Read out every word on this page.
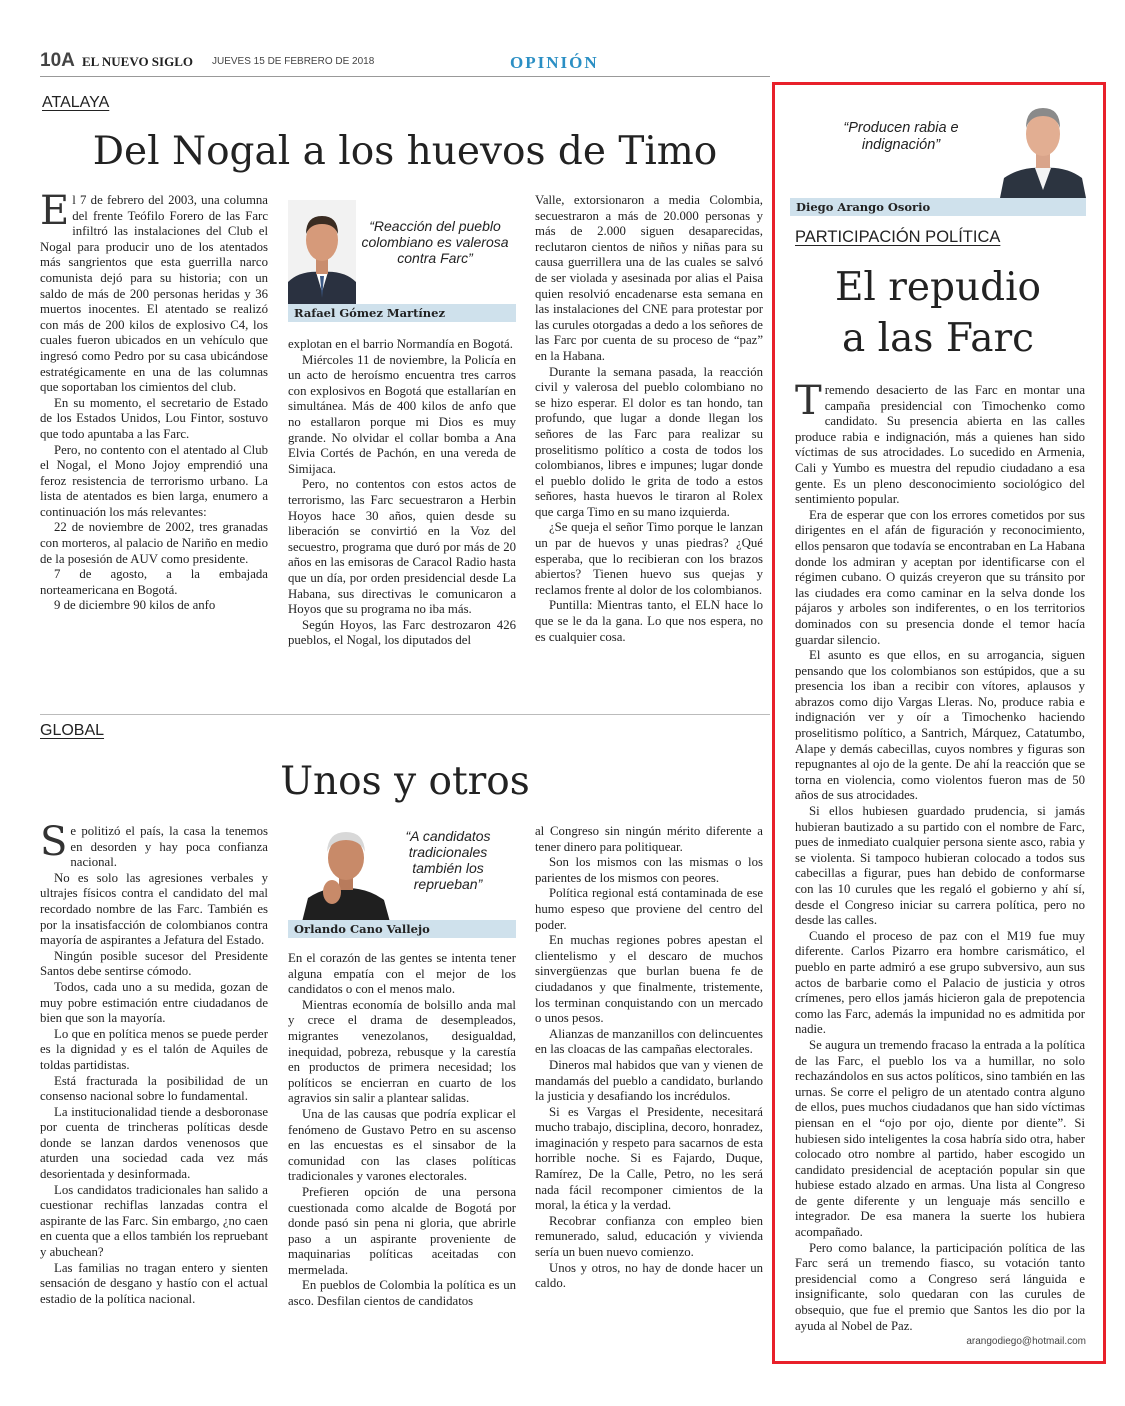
10A EL NUEVO SIGLO JUEVES 15 DE FEBRERO DE 2018	OPINIÓN
ATALAYA
Del Nogal a los huevos de Timo

El 7 de febrero del 2003, una columna del frente Teófilo Forero de las Farc infiltró las instalaciones del Club el Nogal para producir uno de los atentados más sangrientos que esta guerrilla narco comunista dejó para su historia; con un saldo de más de 200 personas heridas y 36 muertos inocentes. El atentado se realizó con más de 200 kilos de explosivo C4, los cuales fueron ubicados en un vehículo que ingresó como Pedro por su casa ubicándose estratégicamente en una de las columnas que soportaban los cimientos del club.

En su momento, el secretario de Estado de los Estados Unidos, Lou Fintor, sostuvo que todo apuntaba a las Farc.

Pero, no contento con el atentado al Club el Nogal, el Mono Jojoy emprendió una feroz resistencia de terrorismo urbano. La lista de atentados es bien larga, enumero a continuación los más relevantes:

22 de noviembre de 2002, tres granadas con morteros, al palacio de Nariño en medio de la posesión de AUV como presidente.

7 de agosto, a la embajada norteamericana en Bogotá.

9 de diciembre 90 kilos de anfo

“Reacción del pueblo colombiano es valerosa contra Farc”
Rafael Gómez Martínez

explotan en el barrio Normandía en Bogotá.

Miércoles 11 de noviembre, la Policía en un acto de heroísmo encuentra tres carros con explosivos en Bogotá que estallarían en simultánea. Más de 400 kilos de anfo que no estallaron porque mi Dios es muy grande. No olvidar el collar bomba a Ana Elvia Cortés de Pachón, en una vereda de Simijaca.

Pero, no contentos con estos actos de terrorismo, las Farc secuestraron a Herbin Hoyos hace 30 años, quien desde su liberación se convirtió en la Voz del secuestro, programa que duró por más de 20 años en las emisoras de Caracol Radio hasta que un día, por orden presidencial desde La Habana, sus directivas le comunicaron a Hoyos que su programa no iba más.

Según Hoyos, las Farc destrozaron 426 pueblos, el Nogal, los diputados del

Valle, extorsionaron a media Colombia, secuestraron a más de 20.000 personas y más de 2.000 siguen desaparecidas, reclutaron cientos de niños y niñas para su causa guerrillera una de las cuales se salvó de ser violada y asesinada por alias el Paisa quien resolvió encadenarse esta semana en las instalaciones del CNE para protestar por las curules otorgadas a dedo a los señores de las Farc por cuenta de su proceso de “paz” en la Habana.

Durante la semana pasada, la reacción civil y valerosa del pueblo colombiano no se hizo esperar. El dolor es tan hondo, tan profundo, que lugar a donde llegan los señores de las Farc para realizar su proselitismo político a costa de todos los colombianos, libres e impunes; lugar donde el pueblo dolido le grita de todo a estos señores, hasta huevos le tiraron al Rolex que carga Timo en su mano izquierda.

¿Se queja el señor Timo porque le lanzan un par de huevos y unas piedras? ¿Qué esperaba, que lo recibieran con los brazos abiertos? Tienen huevo sus quejas y reclamos frente al dolor de los colombianos.

Puntilla: Mientras tanto, el ELN hace lo que se le da la gana. Lo que nos espera, no es cualquier cosa.

GLOBAL
Unos y otros

Se politizó el país, la casa la tenemos en desorden y hay poca confianza nacional.

No es solo las agresiones verbales y ultrajes físicos contra el candidato del mal recordado nombre de las Farc. También es por la insatisfacción de colombianos contra mayoría de aspirantes a Jefatura del Estado.

Ningún posible sucesor del Presidente Santos debe sentirse cómodo.

Todos, cada uno a su medida, gozan de muy pobre estimación entre ciudadanos de bien que son la mayoría.

Lo que en política menos se puede perder es la dignidad y es el talón de Aquiles de toldas partidistas.

Está fracturada la posibilidad de un consenso nacional sobre lo fundamental.

La institucionalidad tiende a desboronase por cuenta de trincheras políticas desde donde se lanzan dardos venenosos que aturden una sociedad cada vez más desorientada y desinformada.

Los candidatos tradicionales han salido a cuestionar rechiflas lanzadas contra el aspirante de las Farc. Sin embargo, ¿no caen en cuenta que a ellos también los repruebant y abuchean?

Las familias no tragan entero y sienten sensación de desgano y hastío con el actual estadio de la política nacional.

“A candidatos tradicionales también los reprueban”
Orlando Cano Vallejo

En el corazón de las gentes se intenta tener alguna empatía con el mejor de los candidatos o con el menos malo.

Mientras economía de bolsillo anda mal y crece el drama de desempleados, migrantes venezolanos, desigualdad, inequidad, pobreza, rebusque y la carestía en productos de primera necesidad; los políticos se encierran en cuarto de los agravios sin salir a plantear salidas.

Una de las causas que podría explicar el fenómeno de Gustavo Petro en su ascenso en las encuestas es el sinsabor de la comunidad con las clases políticas tradicionales y varones electorales.

Prefieren opción de una persona cuestionada como alcalde de Bogotá por donde pasó sin pena ni gloria, que abrirle paso a un aspirante proveniente de maquinarias políticas aceitadas con mermelada.

En pueblos de Colombia la política es un asco. Desfilan cientos de candidatos

al Congreso sin ningún mérito diferente a tener dinero para politiquear.

Son los mismos con las mismas o los parientes de los mismos con peores.

Política regional está contaminada de ese humo espeso que proviene del centro del poder.

En muchas regiones pobres apestan el clientelismo y el descaro de muchos sinvergüenzas que burlan buena fe de ciudadanos y que finalmente, tristemente, los terminan conquistando con un mercado o unos pesos.

Alianzas de manzanillos con delincuentes en las cloacas de las campañas electorales.

Dineros mal habidos que van y vienen de mandamás del pueblo a candidato, burlando la justicia y desafiando los incrédulos.

Si es Vargas el Presidente, necesitará mucho trabajo, disciplina, decoro, honradez, imaginación y respeto para sacarnos de esta horrible noche. Si es Fajardo, Duque, Ramírez, De la Calle, Petro, no les será nada fácil recomponer cimientos de la moral, la ética y la verdad.

Recobrar confianza con empleo bien remunerado, salud, educación y vivienda sería un buen nuevo comienzo.

Unos y otros, no hay de donde hacer un caldo.

“Producen rabia e indignación”
Diego Arango Osorio
PARTICIPACIÓN POLÍTICA
El repudio
a las Farc

Tremendo desacierto de las Farc en montar una campaña presidencial con Timochenko como candidato. Su presencia abierta en las calles produce rabia e indignación, más a quienes han sido víctimas de sus atrocidades. Lo sucedido en Armenia, Cali y Yumbo es muestra del repudio ciudadano a esa gente. Es un pleno desconocimiento sociológico del sentimiento popular.

Era de esperar que con los errores cometidos por sus dirigentes en el afán de figuración y reconocimiento, ellos pensaron que todavía se encontraban en La Habana donde los admiran y aceptan por identificarse con el régimen cubano. O quizás creyeron que su tránsito por las ciudades era como caminar en la selva donde los pájaros y arboles son indiferentes, o en los territorios dominados con su presencia donde el temor hacía guardar silencio.

El asunto es que ellos, en su arrogancia, siguen pensando que los colombianos son estúpidos, que a su presencia los iban a recibir con vítores, aplausos y abrazos como dijo Vargas Lleras. No, produce rabia e indignación ver y oír a Timochenko haciendo proselitismo político, a Santrich, Márquez, Catatumbo, Alape y demás cabecillas, cuyos nombres y figuras son repugnantes al ojo de la gente. De ahí la reacción que se torna en violencia, como violentos fueron mas de 50 años de sus atrocidades.

Si ellos hubiesen guardado prudencia, si jamás hubieran bautizado a su partido con el nombre de Farc, pues de inmediato cualquier persona siente asco, rabia y se violenta. Si tampoco hubieran colocado a todos sus cabecillas a figurar, pues han debido de conformarse con las 10 curules que les regaló el gobierno y ahí sí, desde el Congreso iniciar su carrera política, pero no desde las calles.

Cuando el proceso de paz con el M19 fue muy diferente. Carlos Pizarro era hombre carismático, el pueblo en parte admiró a ese grupo subversivo, aun sus actos de barbarie como el Palacio de justicia y otros crímenes, pero ellos jamás hicieron gala de prepotencia como las Farc, además la impunidad no es admitida por nadie.

Se augura un tremendo fracaso la entrada a la política de las Farc, el pueblo los va a humillar, no solo rechazándolos en sus actos políticos, sino también en las urnas. Se corre el peligro de un atentado contra alguno de ellos, pues muchos ciudadanos que han sido víctimas piensan en el “ojo por ojo, diente por diente”. Si hubiesen sido inteligentes la cosa habría sido otra, haber colocado otro nombre al partido, haber escogido un candidato presidencial de aceptación popular sin que hubiese estado alzado en armas. Una lista al Congreso de gente diferente y un lenguaje más sencillo e integrador. De esa manera la suerte los hubiera acompañado.

Pero como balance, la participación política de las Farc será un tremendo fiasco, su votación tanto presidencial como a Congreso será lánguida e insignificante, solo quedaran con las curules de obsequio, que fue el premio que Santos les dio por la ayuda al Nobel de Paz.

arangodiego@hotmail.com
